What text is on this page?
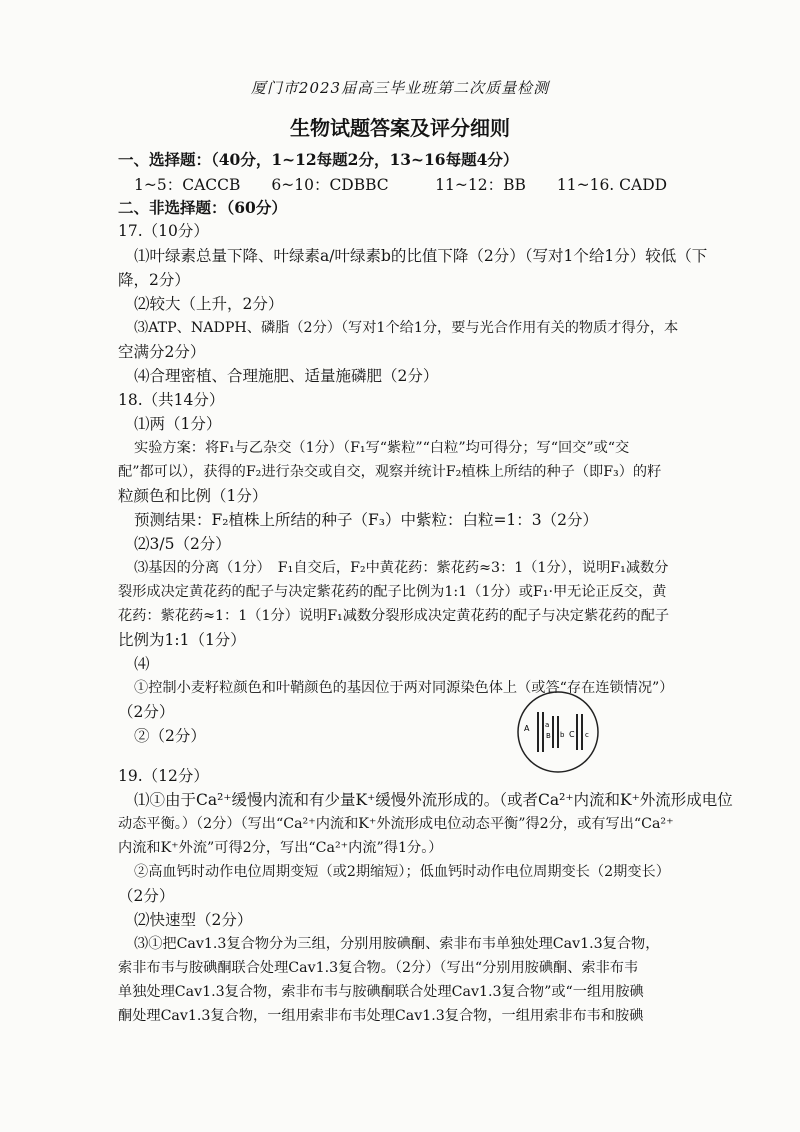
厦门市2023届高三毕业班第二次质量检测
生物试题答案及评分细则
一、选择题：（40分，1~12每题2分，13~16每题4分）
1~5：CACCB　　6~10：CDBBC　　　11~12：BB　　11~16. CADD
二、非选择题：（60分）
17.（10分）
⑴叶绿素总量下降、叶绿素a/叶绿素b的比值下降（2分）（写对1个给1分）较低（下
降，2分）
⑵较大（上升，2分）
⑶ATP、NADPH、磷脂（2分）（写对1个给1分，要与光合作用有关的物质才得分，本
空满分2分）
⑷合理密植、合理施肥、适量施磷肥（2分）
18.（共14分）
⑴两（1分）
实验方案：将F₁与乙杂交（1分）（F₁写“紫粒”“白粒”均可得分；写“回交”或“交
配”都可以），获得的F₂进行杂交或自交，观察并统计F₂植株上所结的种子（即F₃）的籽
粒颜色和比例（1分）
预测结果：F₂植株上所结的种子（F₃）中紫粒：白粒=1：3（2分）
⑵3/5（2分）
⑶基因的分离（1分）　F₁自交后，F₂中黄花药：紫花药≈3：1（1分），说明F₁减数分
裂形成决定黄花药的配子与决定紫花药的配子比例为1:1（1分）或F₁·甲无论正反交，黄
花药：紫花药≈1：1（1分）说明F₁减数分裂形成决定黄花药的配子与决定紫花药的配子
比例为1:1（1分）
⑷
①控制小麦籽粒颜色和叶鞘颜色的基因位于两对同源染色体上（或答“存在连锁情况”）
（2分）
②（2分）	A a
B b C c
19.（12分）
⑴①由于Ca²⁺缓慢内流和有少量K⁺缓慢外流形成的。（或者Ca²⁺内流和K⁺外流形成电位
动态平衡。）（2分）（写出“Ca²⁺内流和K⁺外流形成电位动态平衡”得2分，或有写出“Ca²⁺
内流和K⁺外流”可得2分，写出“Ca²⁺内流”得1分。）
②高血钙时动作电位周期变短（或2期缩短）；低血钙时动作电位周期变长（2期变长）
（2分）
⑵快速型（2分）
⑶①把Cav1.3复合物分为三组，分别用胺碘酮、索非布韦单独处理Cav1.3复合物，
索非布韦与胺碘酮联合处理Cav1.3复合物。（2分）（写出“分别用胺碘酮、索非布韦
单独处理Cav1.3复合物，索非布韦与胺碘酮联合处理Cav1.3复合物”或“一组用胺碘
酮处理Cav1.3复合物，一组用索非布韦处理Cav1.3复合物，一组用索非布韦和胺碘
